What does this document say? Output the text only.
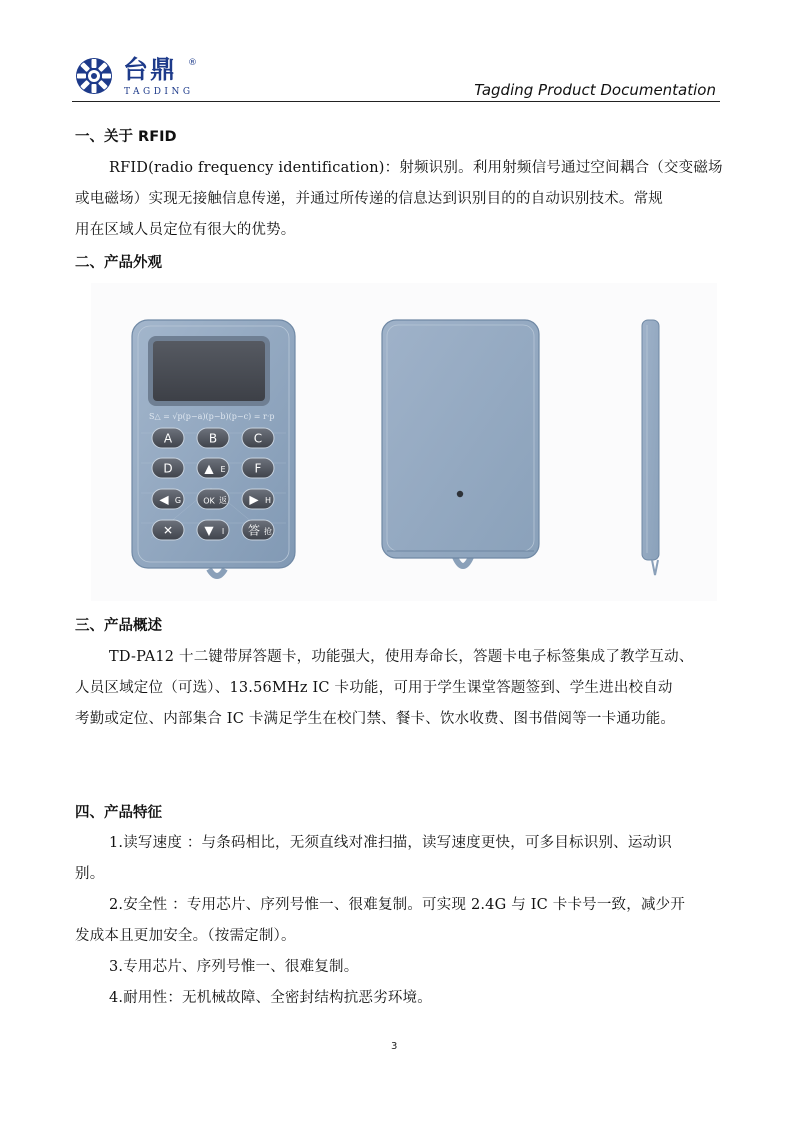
台鼎 ®
TAGDING	Tagding Product Documentation
一、关于 RFID
RFID(radio frequency identification)：射频识别。利用射频信号通过空间耦合（交变磁场
或电磁场）实现无接触信息传递，并通过所传递的信息达到识别目的的自动识别技术。常规
用在区域人员定位有很大的优势。
二、产品外观
S△ = √p(p−a)(p−b)(p−c) = r·p
A	B	C
D	▲ E F
◀ G	OK 返 ▶ H
✕	▼ I 答 抢
三、产品概述
TD-PA12 十二键带屏答题卡，功能强大，使用寿命长，答题卡电子标签集成了教学互动、
人员区域定位（可选）、13.56MHz IC 卡功能，可用于学生课堂答题签到、学生进出校自动
考勤或定位、内部集合 IC 卡满足学生在校门禁、餐卡、饮水收费、图书借阅等一卡通功能。
四、产品特征
1.读写速度 ：与条码相比，无须直线对准扫描，读写速度更快，可多目标识别、运动识
别。
2.安全性 ：专用芯片、序列号惟一、很难复制。可实现 2.4G 与 IC 卡卡号一致，减少开
发成本且更加安全。（按需定制）。
3.专用芯片、序列号惟一、很难复制。
4.耐用性：无机械故障、全密封结构抗恶劣环境。
3
